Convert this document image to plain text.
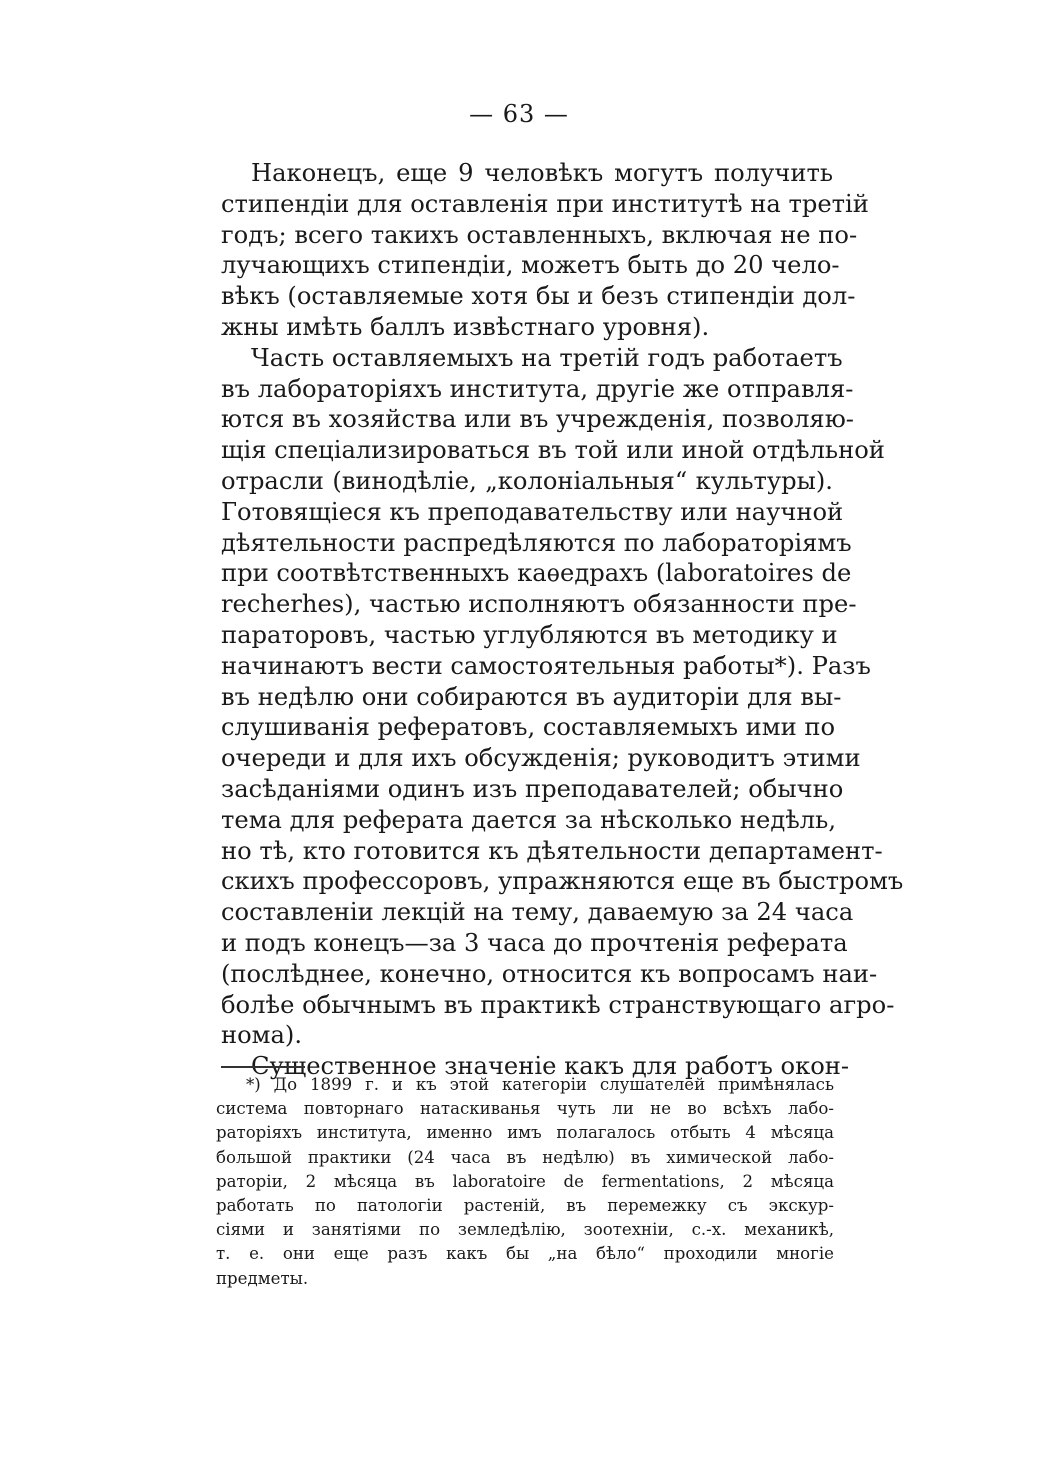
— 63 —
Наконецъ, еще 9 человѣкъ могутъ получить
стипендіи для оставленія при институтѣ на третій
годъ; всего такихъ оставленныхъ, включая не по-
лучающихъ стипендіи, можетъ быть до 20 чело-
вѣкъ (оставляемые хотя бы и безъ стипендіи дол-
жны имѣть баллъ извѣстнаго уровня).
Часть оставляемыхъ на третій годъ работаетъ
въ лабораторіяхъ института, другіе же отправля-
ются въ хозяйства или въ учрежденія, позволяю-
щія спеціализироваться въ той или иной отдѣльной
отрасли (винодѣліе, „колоніальныя“ культуры).
Готовящіеся къ преподавательству или научной
дѣятельности распредѣляются по лабораторіямъ
при соотвѣтственныхъ каѳедрахъ (laboratoires de
recherhes), частью исполняютъ обязанности пре-
параторовъ, частью углубляются въ методику и
начинаютъ вести самостоятельныя работы*). Разъ
въ недѣлю они собираются въ аудиторіи для вы-
слушиванія рефератовъ, составляемыхъ ими по
очереди и для ихъ обсужденія; руководитъ этими
засѣданіями одинъ изъ преподавателей; обычно
тема для реферата дается за нѣсколько недѣль,
но тѣ, кто готовится къ дѣятельности департамент-
скихъ профессоровъ, упражняются еще въ быстромъ
составленіи лекцій на тему, даваемую за 24 часа
и подъ конецъ—за 3 часа до прочтенія реферата
(послѣднее, конечно, относится къ вопросамъ наи-
болѣе обычнымъ въ практикѣ странствующаго агро-
нома).
Существенное значеніе какъ для работъ окон-
*) До 1899 г. и къ этой категоріи слушателей примѣнялась
система повторнаго натаскиванья чуть ли не во всѣхъ лабо-
раторіяхъ института, именно имъ полагалось отбыть 4 мѣсяца
большой практики (24 часа въ недѣлю) въ химической лабо-
раторіи, 2 мѣсяца въ laboratoire de fermentations, 2 мѣсяца
работать по патологіи растеній, въ перемежку съ экскур-
сіями и занятіями по земледѣлію, зоотехніи, с.-х. механикѣ,
т. е. они еще разъ какъ бы „на бѣло“ проходили многіе
предметы.
